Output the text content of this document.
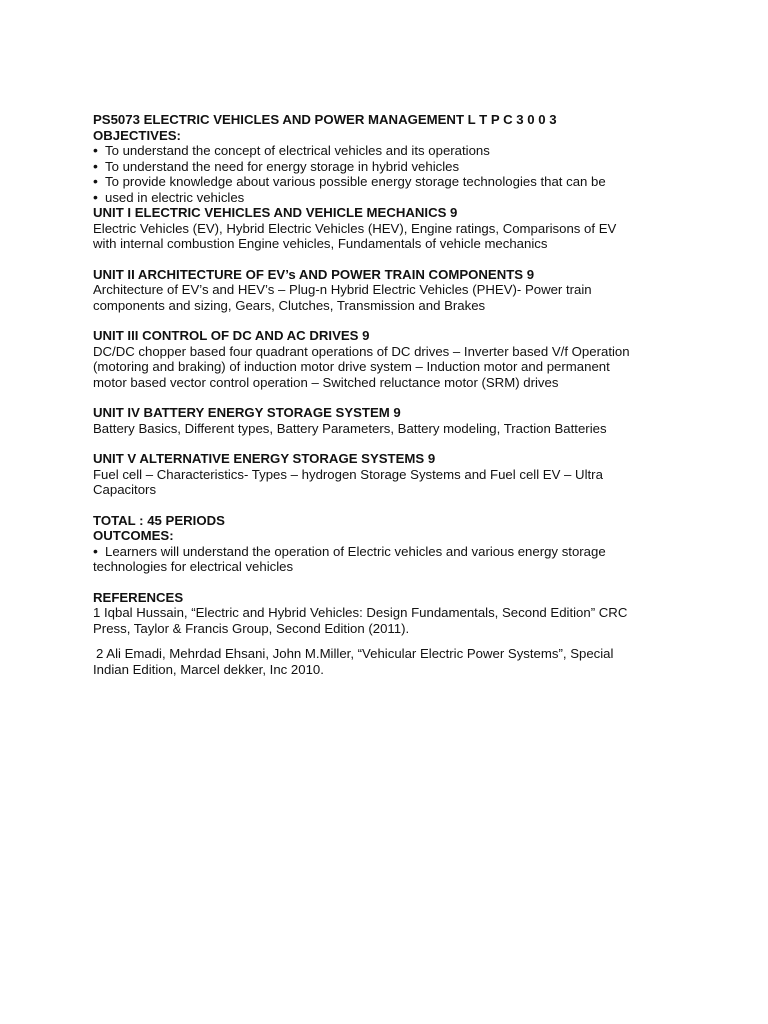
PS5073 ELECTRIC VEHICLES AND POWER MANAGEMENT L T P C 3 0 0 3
OBJECTIVES:
• To understand the concept of electrical vehicles and its operations
• To understand the need for energy storage in hybrid vehicles
• To provide knowledge about various possible energy storage technologies that can be
• used in electric vehicles
UNIT I ELECTRIC VEHICLES AND VEHICLE MECHANICS 9
Electric Vehicles (EV), Hybrid Electric Vehicles (HEV), Engine ratings, Comparisons of EV
with internal combustion Engine vehicles, Fundamentals of vehicle mechanics
UNIT II ARCHITECTURE OF EV’s AND POWER TRAIN COMPONENTS 9
Architecture of EV’s and HEV’s – Plug-n Hybrid Electric Vehicles (PHEV)- Power train
components and sizing, Gears, Clutches, Transmission and Brakes
UNIT III CONTROL OF DC AND AC DRIVES 9
DC/DC chopper based four quadrant operations of DC drives – Inverter based V/f Operation
(motoring and braking) of induction motor drive system – Induction motor and permanent
motor based vector control operation – Switched reluctance motor (SRM) drives
UNIT IV BATTERY ENERGY STORAGE SYSTEM 9
Battery Basics, Different types, Battery Parameters, Battery modeling, Traction Batteries
UNIT V ALTERNATIVE ENERGY STORAGE SYSTEMS 9
Fuel cell – Characteristics- Types – hydrogen Storage Systems and Fuel cell EV – Ultra
Capacitors
TOTAL : 45 PERIODS
OUTCOMES:
• Learners will understand the operation of Electric vehicles and various energy storage
technologies for electrical vehicles
REFERENCES
1 Iqbal Hussain, “Electric and Hybrid Vehicles: Design Fundamentals, Second Edition” CRC
Press, Taylor & Francis Group, Second Edition (2011).
2 Ali Emadi, Mehrdad Ehsani, John M.Miller, “Vehicular Electric Power Systems”, Special
Indian Edition, Marcel dekker, Inc 2010.
